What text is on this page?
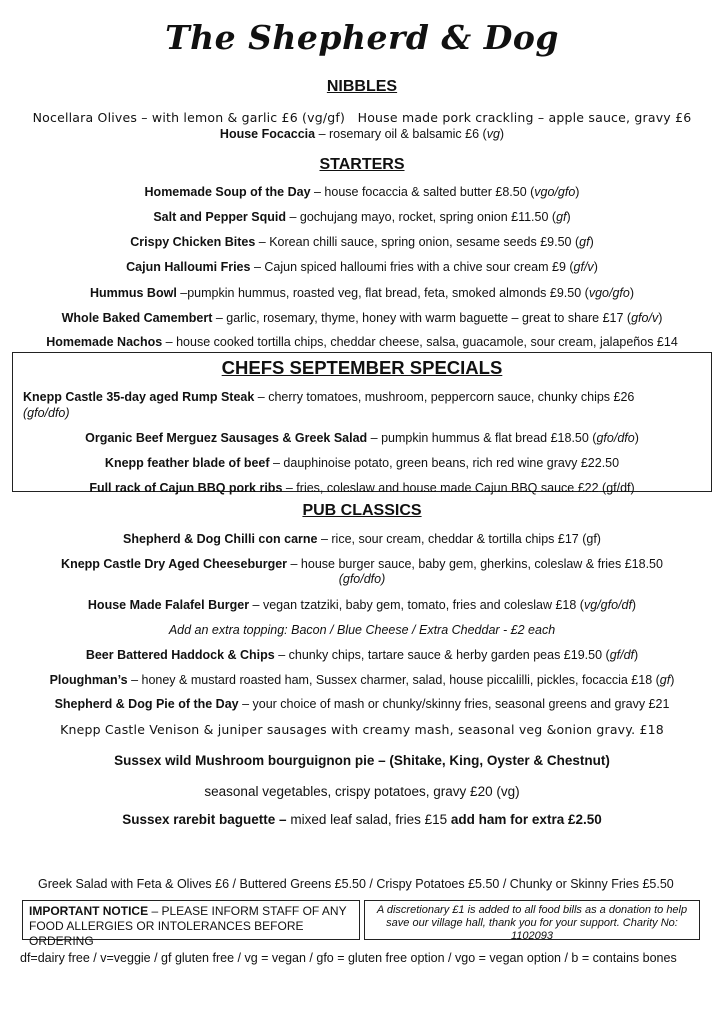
The Shepherd & Dog
NIBBLES
Nocellara Olives – with lemon & garlic £6 (vg/gf) House made pork crackling – apple sauce, gravy £6
House Focaccia – rosemary oil & balsamic £6 (vg)
STARTERS
Homemade Soup of the Day – house focaccia & salted butter £8.50 (vgo/gfo)
Salt and Pepper Squid – gochujang mayo, rocket, spring onion £11.50 (gf)
Crispy Chicken Bites – Korean chilli sauce, spring onion, sesame seeds £9.50 (gf)
Cajun Halloumi Fries – Cajun spiced halloumi fries with a chive sour cream £9 (gf/v)
Hummus Bowl –pumpkin hummus, roasted veg, flat bread, feta, smoked almonds £9.50 (vgo/gfo)
Whole Baked Camembert – garlic, rosemary, thyme, honey with warm baguette – great to share £17 (gfo/v)
Homemade Nachos – house cooked tortilla chips, cheddar cheese, salsa, guacamole, sour cream, jalapeños £14
CHEFS SEPTEMBER SPECIALS
Knepp Castle 35-day aged Rump Steak – cherry tomatoes, mushroom, peppercorn sauce, chunky chips £26
(gfo/dfo)
Organic Beef Merguez Sausages & Greek Salad – pumpkin hummus & flat bread £18.50 (gfo/dfo)
Knepp feather blade of beef – dauphinoise potato, green beans, rich red wine gravy £22.50
Full rack of Cajun BBQ pork ribs – fries, coleslaw and house made Cajun BBQ sauce £22 (gf/df)
PUB CLASSICS
Shepherd & Dog Chilli con carne – rice, sour cream, cheddar & tortilla chips £17 (gf)
Knepp Castle Dry Aged Cheeseburger – house burger sauce, baby gem, gherkins, coleslaw & fries £18.50
(gfo/dfo)
House Made Falafel Burger – vegan tzatziki, baby gem, tomato, fries and coleslaw £18 (vg/gfo/df)
Add an extra topping: Bacon / Blue Cheese / Extra Cheddar - £2 each
Beer Battered Haddock & Chips – chunky chips, tartare sauce & herby garden peas £19.50 (gf/df)
Ploughman’s – honey & mustard roasted ham, Sussex charmer, salad, house piccalilli, pickles, focaccia £18 (gf)
Shepherd & Dog Pie of the Day – your choice of mash or chunky/skinny fries, seasonal greens and gravy £21
Knepp Castle Venison & juniper sausages with creamy mash, seasonal veg &onion gravy. £18
Sussex wild Mushroom bourguignon pie – (Shitake, King, Oyster & Chestnut)
seasonal vegetables, crispy potatoes, gravy £20 (vg)
Sussex rarebit baguette – mixed leaf salad, fries £15 add ham for extra £2.50
Greek Salad with Feta & Olives £6 / Buttered Greens £5.50 / Crispy Potatoes £5.50 / Chunky or Skinny Fries £5.50
IMPORTANT NOTICE – PLEASE INFORM STAFF OF ANY FOOD ALLERGIES OR INTOLERANCES BEFORE ORDERING
A discretionary £1 is added to all food bills as a donation to help save our village hall, thank you for your support. Charity No: 1102093
df=dairy free / v=veggie / gf gluten free / vg = vegan / gfo = gluten free option / vgo = vegan option / b = contains bones
